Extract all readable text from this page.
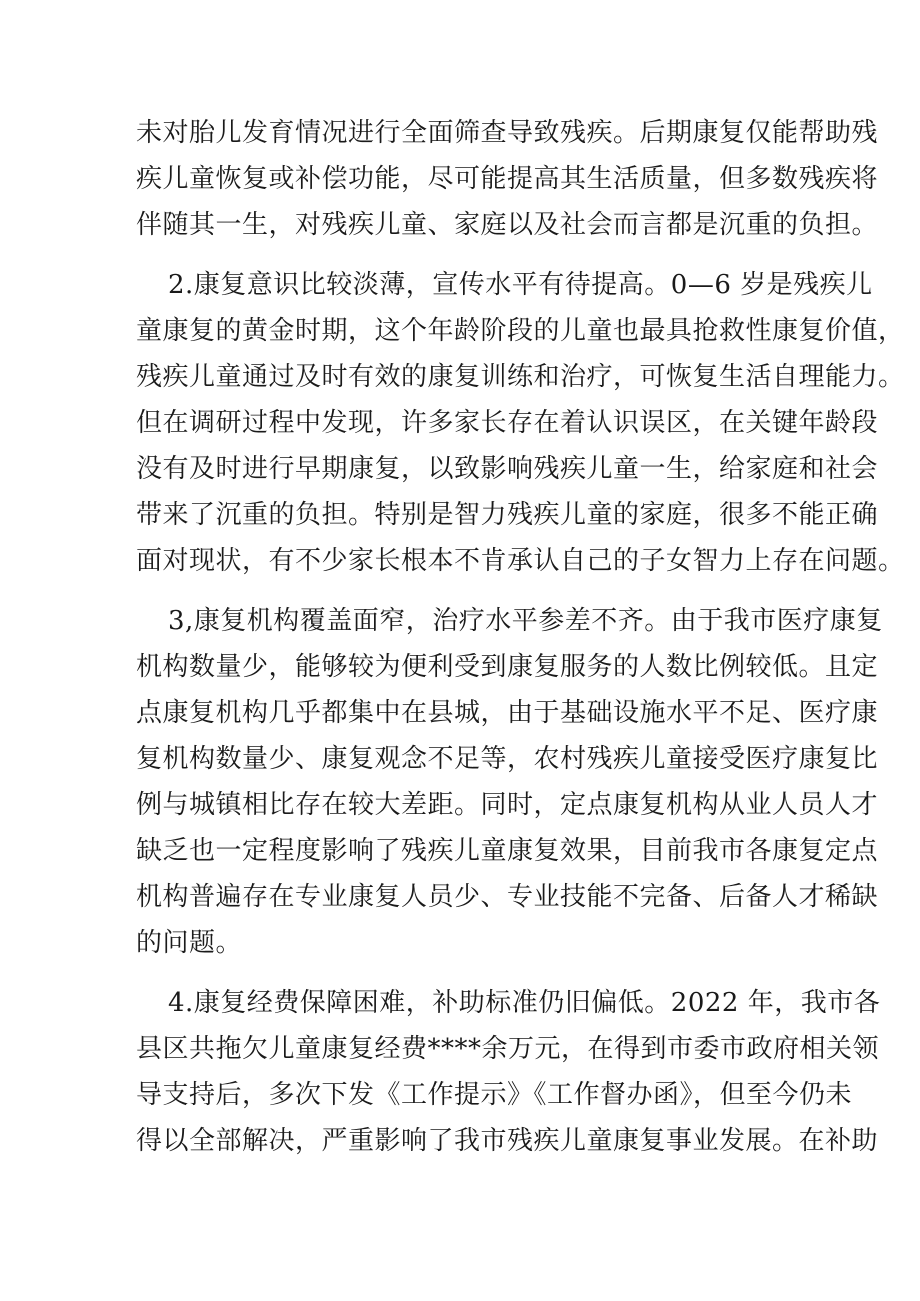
未对胎儿发育情况进行全面筛查导致残疾。后期康复仅能帮助残

疾儿童恢复或补偿功能，尽可能提高其生活质量，但多数残疾将

伴随其一生，对残疾儿童、家庭以及社会而言都是沉重的负担。

2.康复意识比较淡薄，宣传水平有待提高。0—6 岁是残疾儿

童康复的黄金时期，这个年龄阶段的儿童也最具抢救性康复价值，

残疾儿童通过及时有效的康复训练和治疗，可恢复生活自理能力。

但在调研过程中发现，许多家长存在着认识误区，在关键年龄段

没有及时进行早期康复，以致影响残疾儿童一生，给家庭和社会

带来了沉重的负担。特别是智力残疾儿童的家庭，很多不能正确

面对现状，有不少家长根本不肯承认自己的子女智力上存在问题。

3,康复机构覆盖面窄，治疗水平参差不齐。由于我市医疗康复

机构数量少，能够较为便利受到康复服务的人数比例较低。且定

点康复机构几乎都集中在县城，由于基础设施水平不足、医疗康

复机构数量少、康复观念不足等，农村残疾儿童接受医疗康复比

例与城镇相比存在较大差距。同时，定点康复机构从业人员人才

缺乏也一定程度影响了残疾儿童康复效果，目前我市各康复定点

机构普遍存在专业康复人员少、专业技能不完备、后备人才稀缺

的问题。

4.康复经费保障困难，补助标准仍旧偏低。2022 年，我市各

县区共拖欠儿童康复经费****余万元，在得到市委市政府相关领

导支持后，多次下发《工作提示》《工作督办函》，但至今仍未

得以全部解决，严重影响了我市残疾儿童康复事业发展。在补助
